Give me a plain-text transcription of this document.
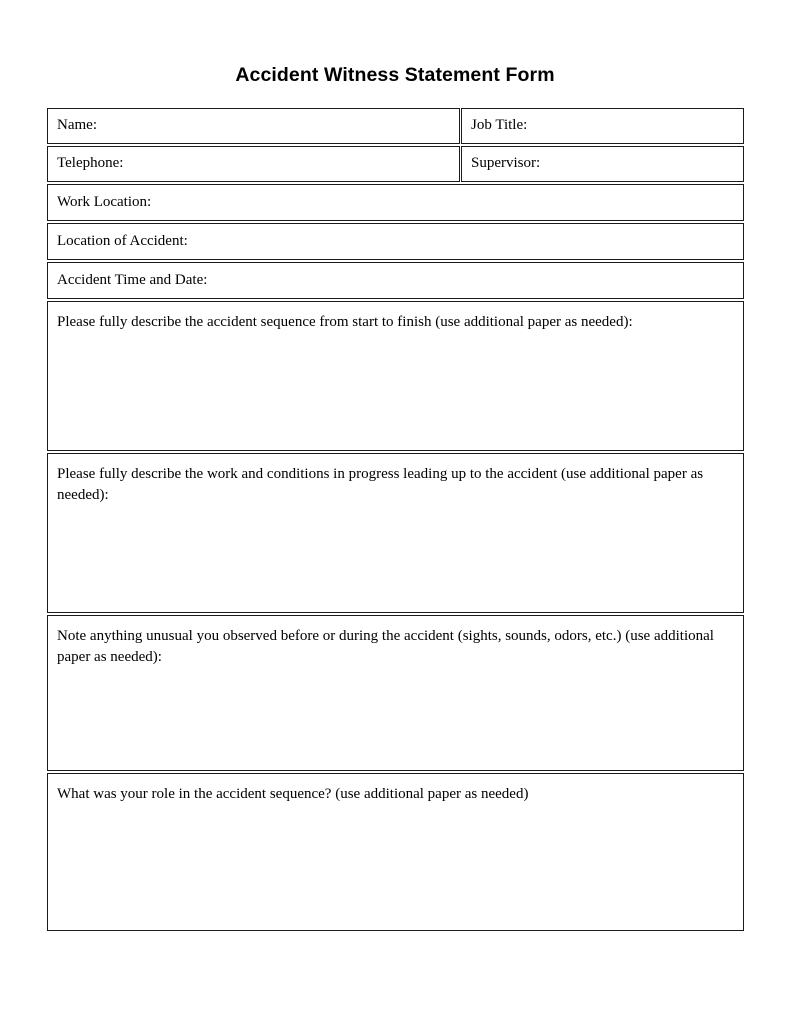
Accident Witness Statement Form
Name:	Job Title:
Telephone:	Supervisor:
Work Location:
Location of Accident:
Accident Time and Date:
Please fully describe the accident sequence from start to finish (use additional paper as needed):
Please fully describe the work and conditions in progress leading up to the accident (use additional paper as needed):
Note anything unusual you observed before or during the accident (sights, sounds, odors, etc.) (use additional paper as needed):
What was your role in the accident sequence? (use additional paper as needed)
